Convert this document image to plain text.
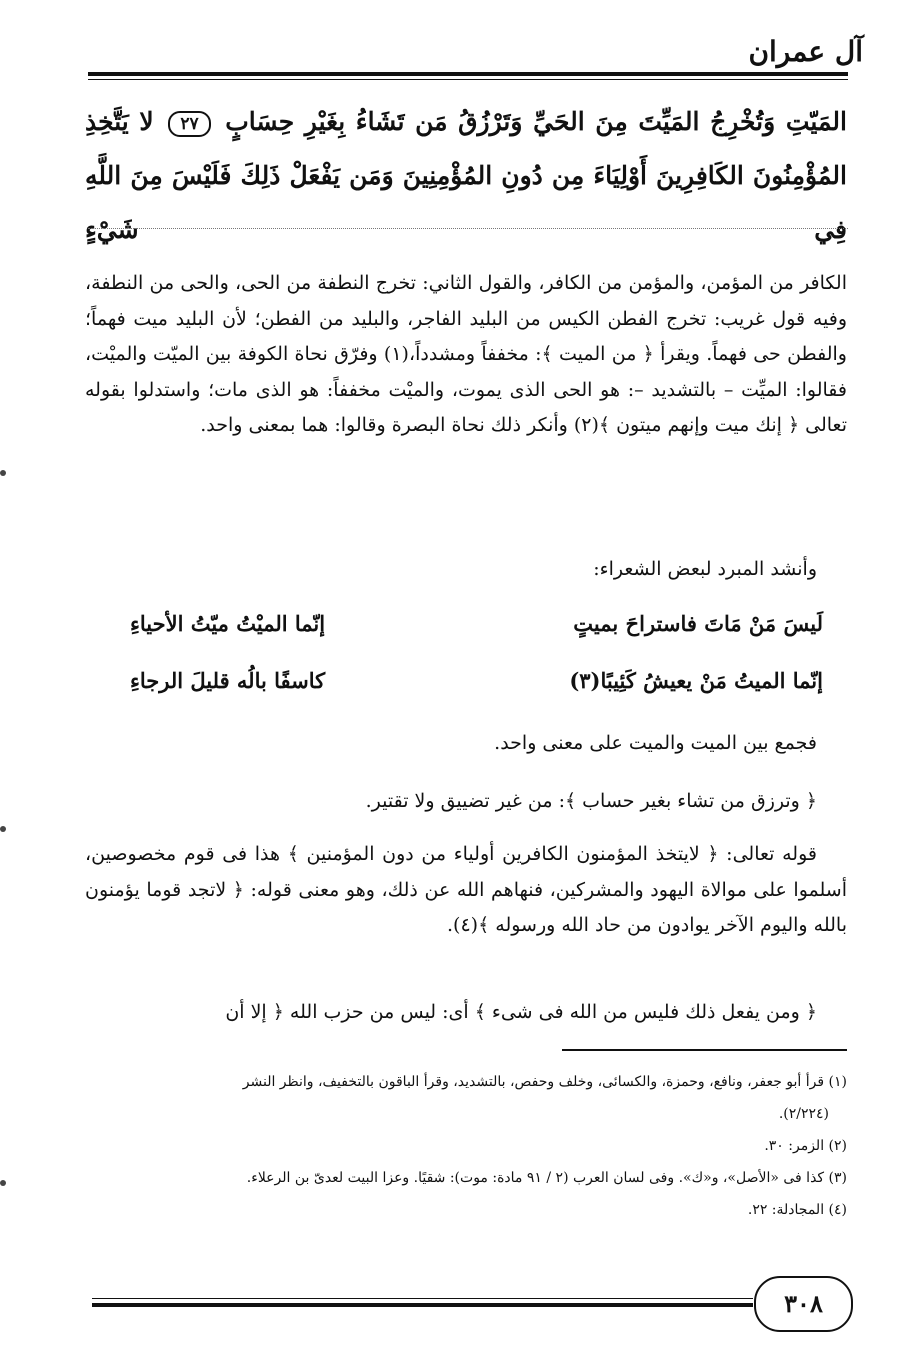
آل عمران
المَيّتِ وَتُخْرِجُ المَيِّتَ مِنَ الحَيِّ وَتَرْزُقُ مَن تَشَاءُ بِغَيْرِ حِسَابٍ ٢٧ لا يَتَّخِذِ المُؤْمِنُونَ الكَافِرِينَ أَوْلِيَاءَ مِن دُونِ المُؤْمِنِينَ وَمَن يَفْعَلْ ذَلِكَ فَلَيْسَ مِنَ اللَّهِ فِي شَيْءٍ

الكافر من المؤمن، والمؤمن من الكافر، والقول الثاني: تخرج النطفة من الحى، والحى من النطفة، وفيه قول غريب: تخرج الفطن الكيس من البليد الفاجر، والبليد من الفطن؛ لأن البليد ميت فهماً؛ والفطن حى فهماً. ويقرأ ﴿ من الميت ﴾: مخففاً ومشدداً،(١) وفرّق نحاة الكوفة بين الميّت والميْت، فقالوا: الميِّت – بالتشديد –: هو الحى الذى يموت، والميْت مخففاً: هو الذى مات؛ واستدلوا بقوله تعالى ﴿ إنك ميت وإنهم ميتون ﴾(٢) وأنكر ذلك نحاة البصرة وقالوا: هما بمعنى واحد.

وأنشد المبرد لبعض الشعراء:
لَيسَ مَنْ مَاتَ فاستراحَ بميتٍ
إنّما الميْتُ ميّتُ الأحياءِ
إنّما الميتُ مَنْ يعيشُ كَئِيبًا(٣)
كاسفًا بالُه قليلَ الرجاءِ
فجمع بين الميت والميت على معنى واحد.
﴿ وترزق من تشاء بغير حساب ﴾: من غير تضييق ولا تقتير.
قوله تعالى: ﴿ لايتخذ المؤمنون الكافرين أولياء من دون المؤمنين ﴾ هذا فى قوم مخصوصين، أسلموا على موالاة اليهود والمشركين، فنهاهم الله عن ذلك، وهو معنى قوله: ﴿ لاتجد قوما يؤمنون بالله واليوم الآخر يوادون من حاد الله ورسوله ﴾(٤).
﴿ ومن يفعل ذلك فليس من الله فى شىء ﴾ أى: ليس من حزب الله ﴿ إلا أن

(١) قرأ أبو جعفر، ونافع، وحمزة، والكسائى، وخلف وحفص، بالتشديد، وقرأ الباقون بالتخفيف، وانظر النشر

(٢/٢٢٤).

(٢) الزمر: ٣٠.

(٣) كذا فى «الأصل»، و«ك». وفى لسان العرب (٢ / ٩١ مادة: موت): شقيًا. وعزا البيت لعدىّ بن الرعلاء.

(٤) المجادلة: ٢٢.

٣٠٨
